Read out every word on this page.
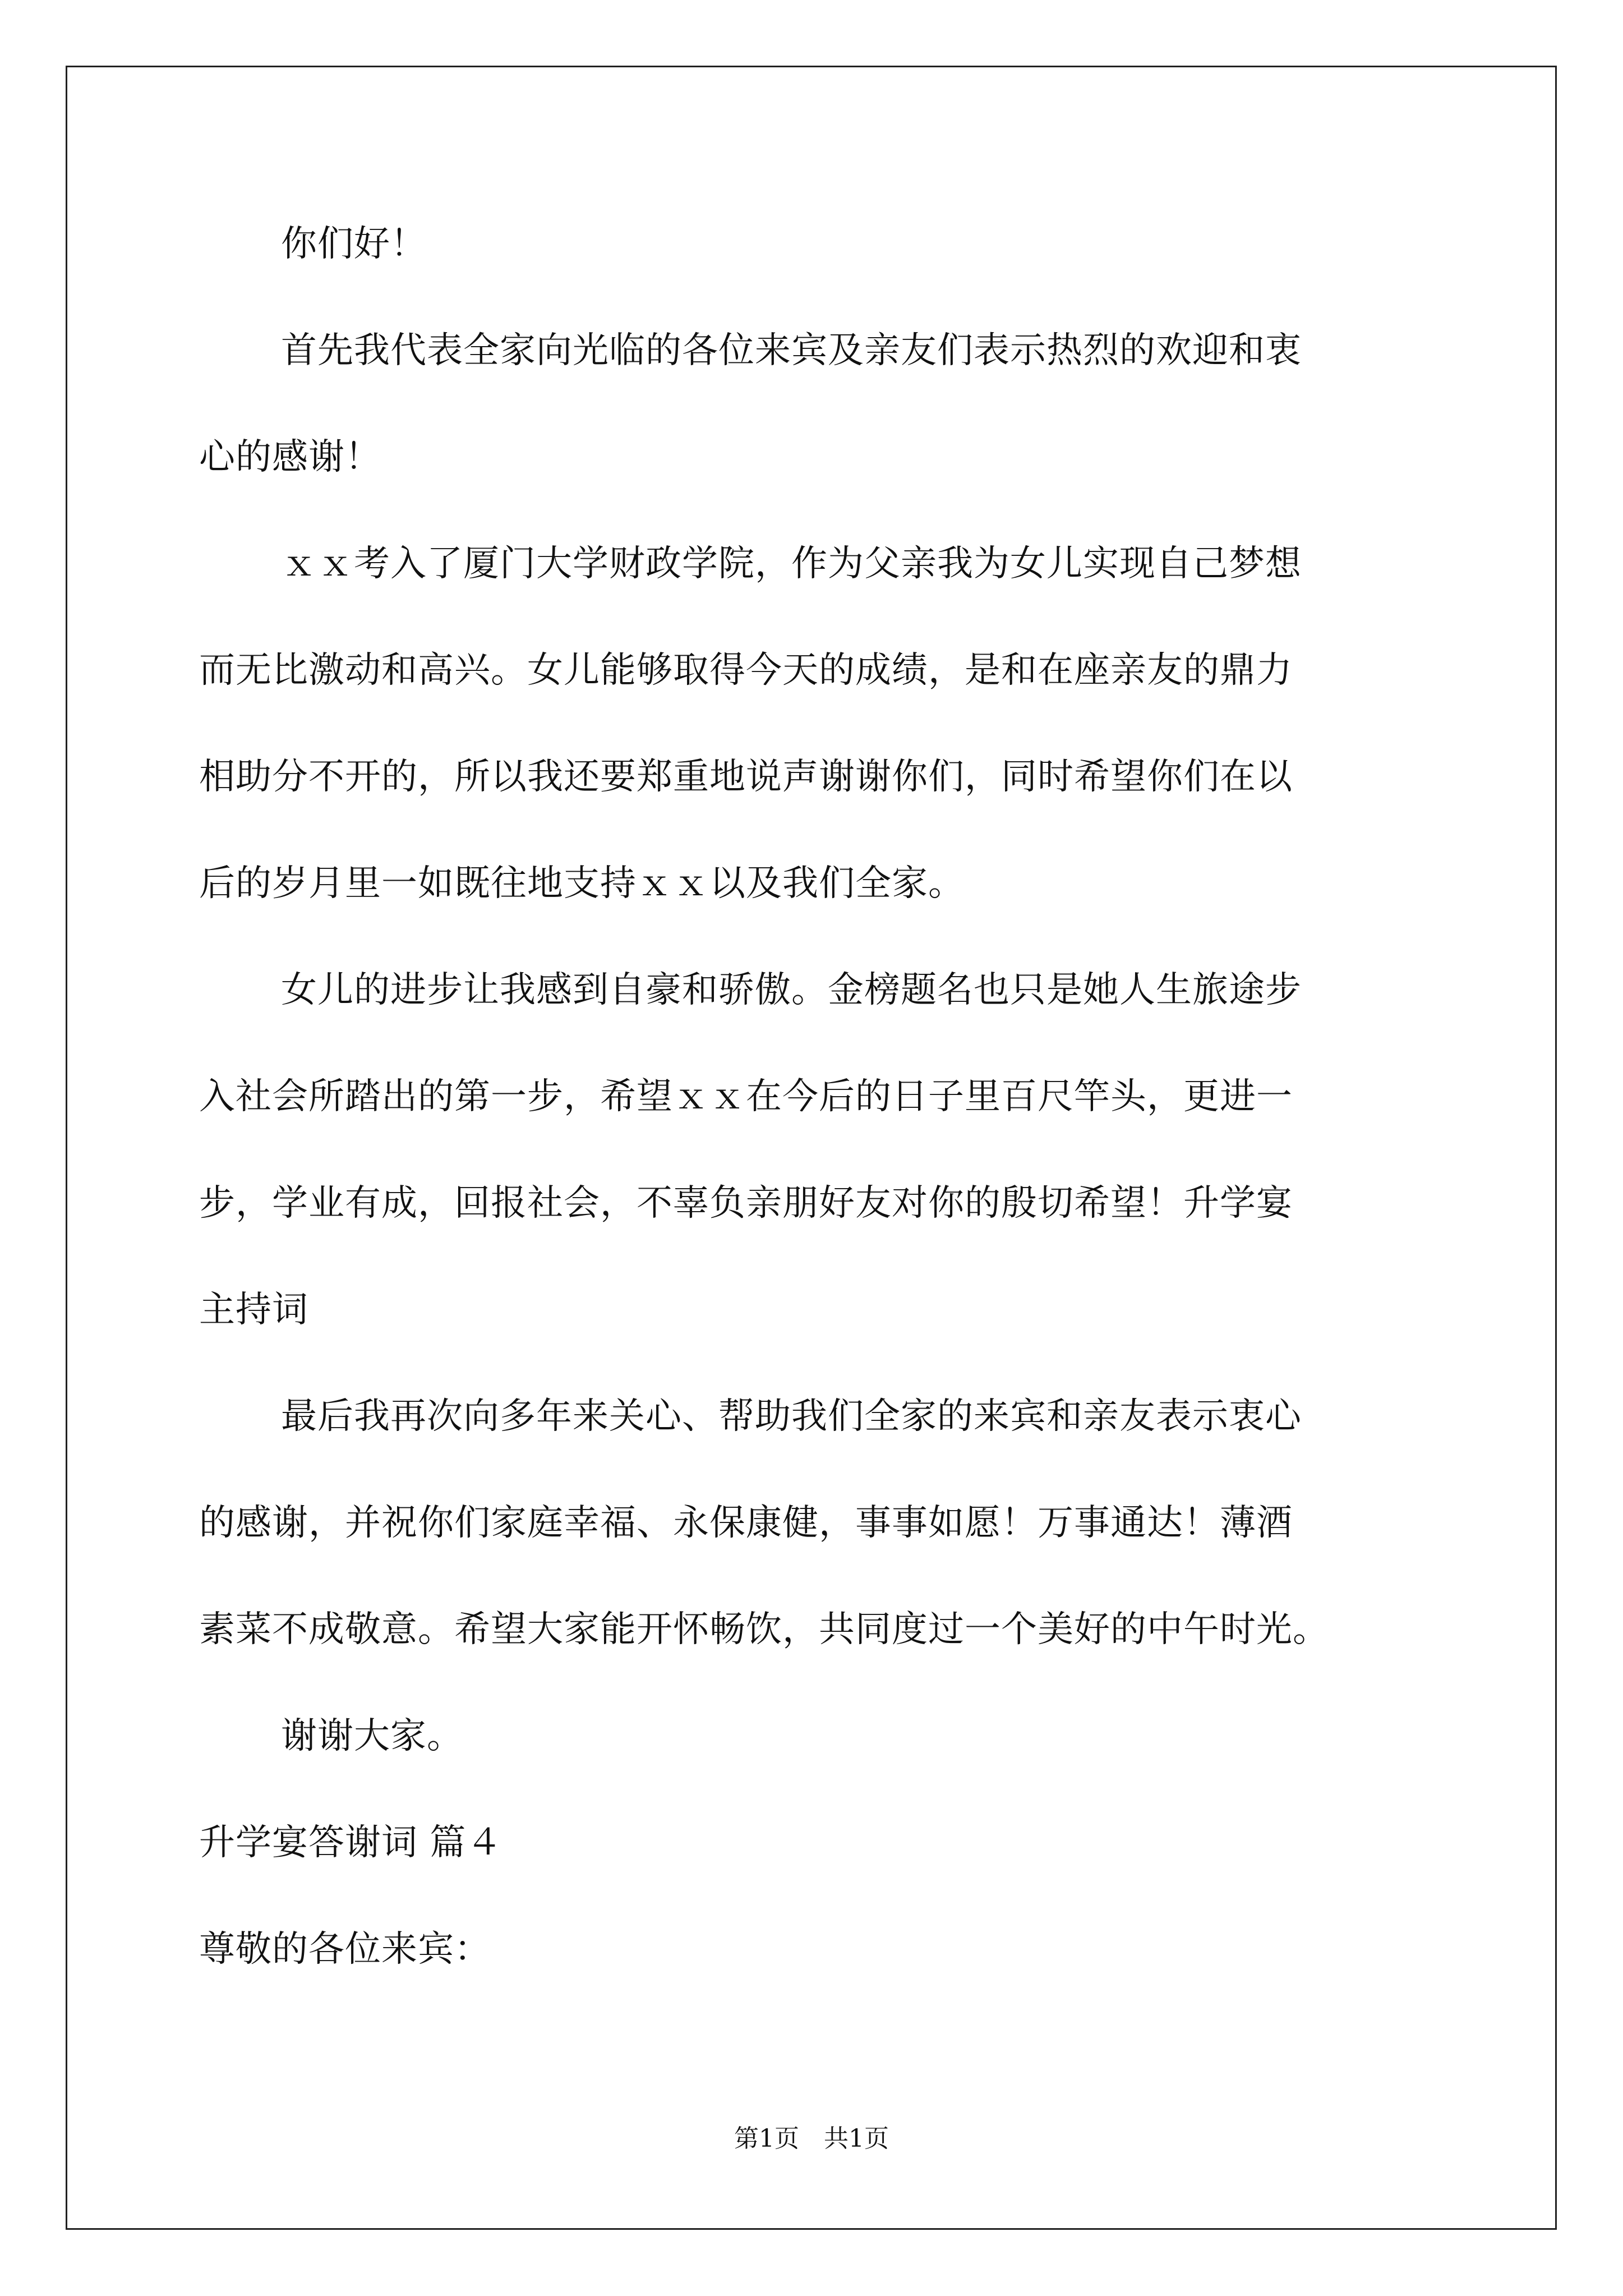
你们好！
首先我代表全家向光临的各位来宾及亲友们表示热烈的欢迎和衷
心的感谢！
ｘｘ考入了厦门大学财政学院，作为父亲我为女儿实现自己梦想
而无比激动和高兴。女儿能够取得今天的成绩，是和在座亲友的鼎力
相助分不开的，所以我还要郑重地说声谢谢你们，同时希望你们在以
后的岁月里一如既往地支持ｘｘ以及我们全家。
女儿的进步让我感到自豪和骄傲。金榜题名也只是她人生旅途步
入社会所踏出的第一步，希望ｘｘ在今后的日子里百尺竿头，更进一
步，学业有成，回报社会，不辜负亲朋好友对你的殷切希望！升学宴
主持词
最后我再次向多年来关心、帮助我们全家的来宾和亲友表示衷心
的感谢，并祝你们家庭幸福、永保康健，事事如愿！万事通达！薄酒
素菜不成敬意。希望大家能开怀畅饮，共同度过一个美好的中午时光。
谢谢大家。
升学宴答谢词 篇４
尊敬的各位来宾：
第1页　共1页
